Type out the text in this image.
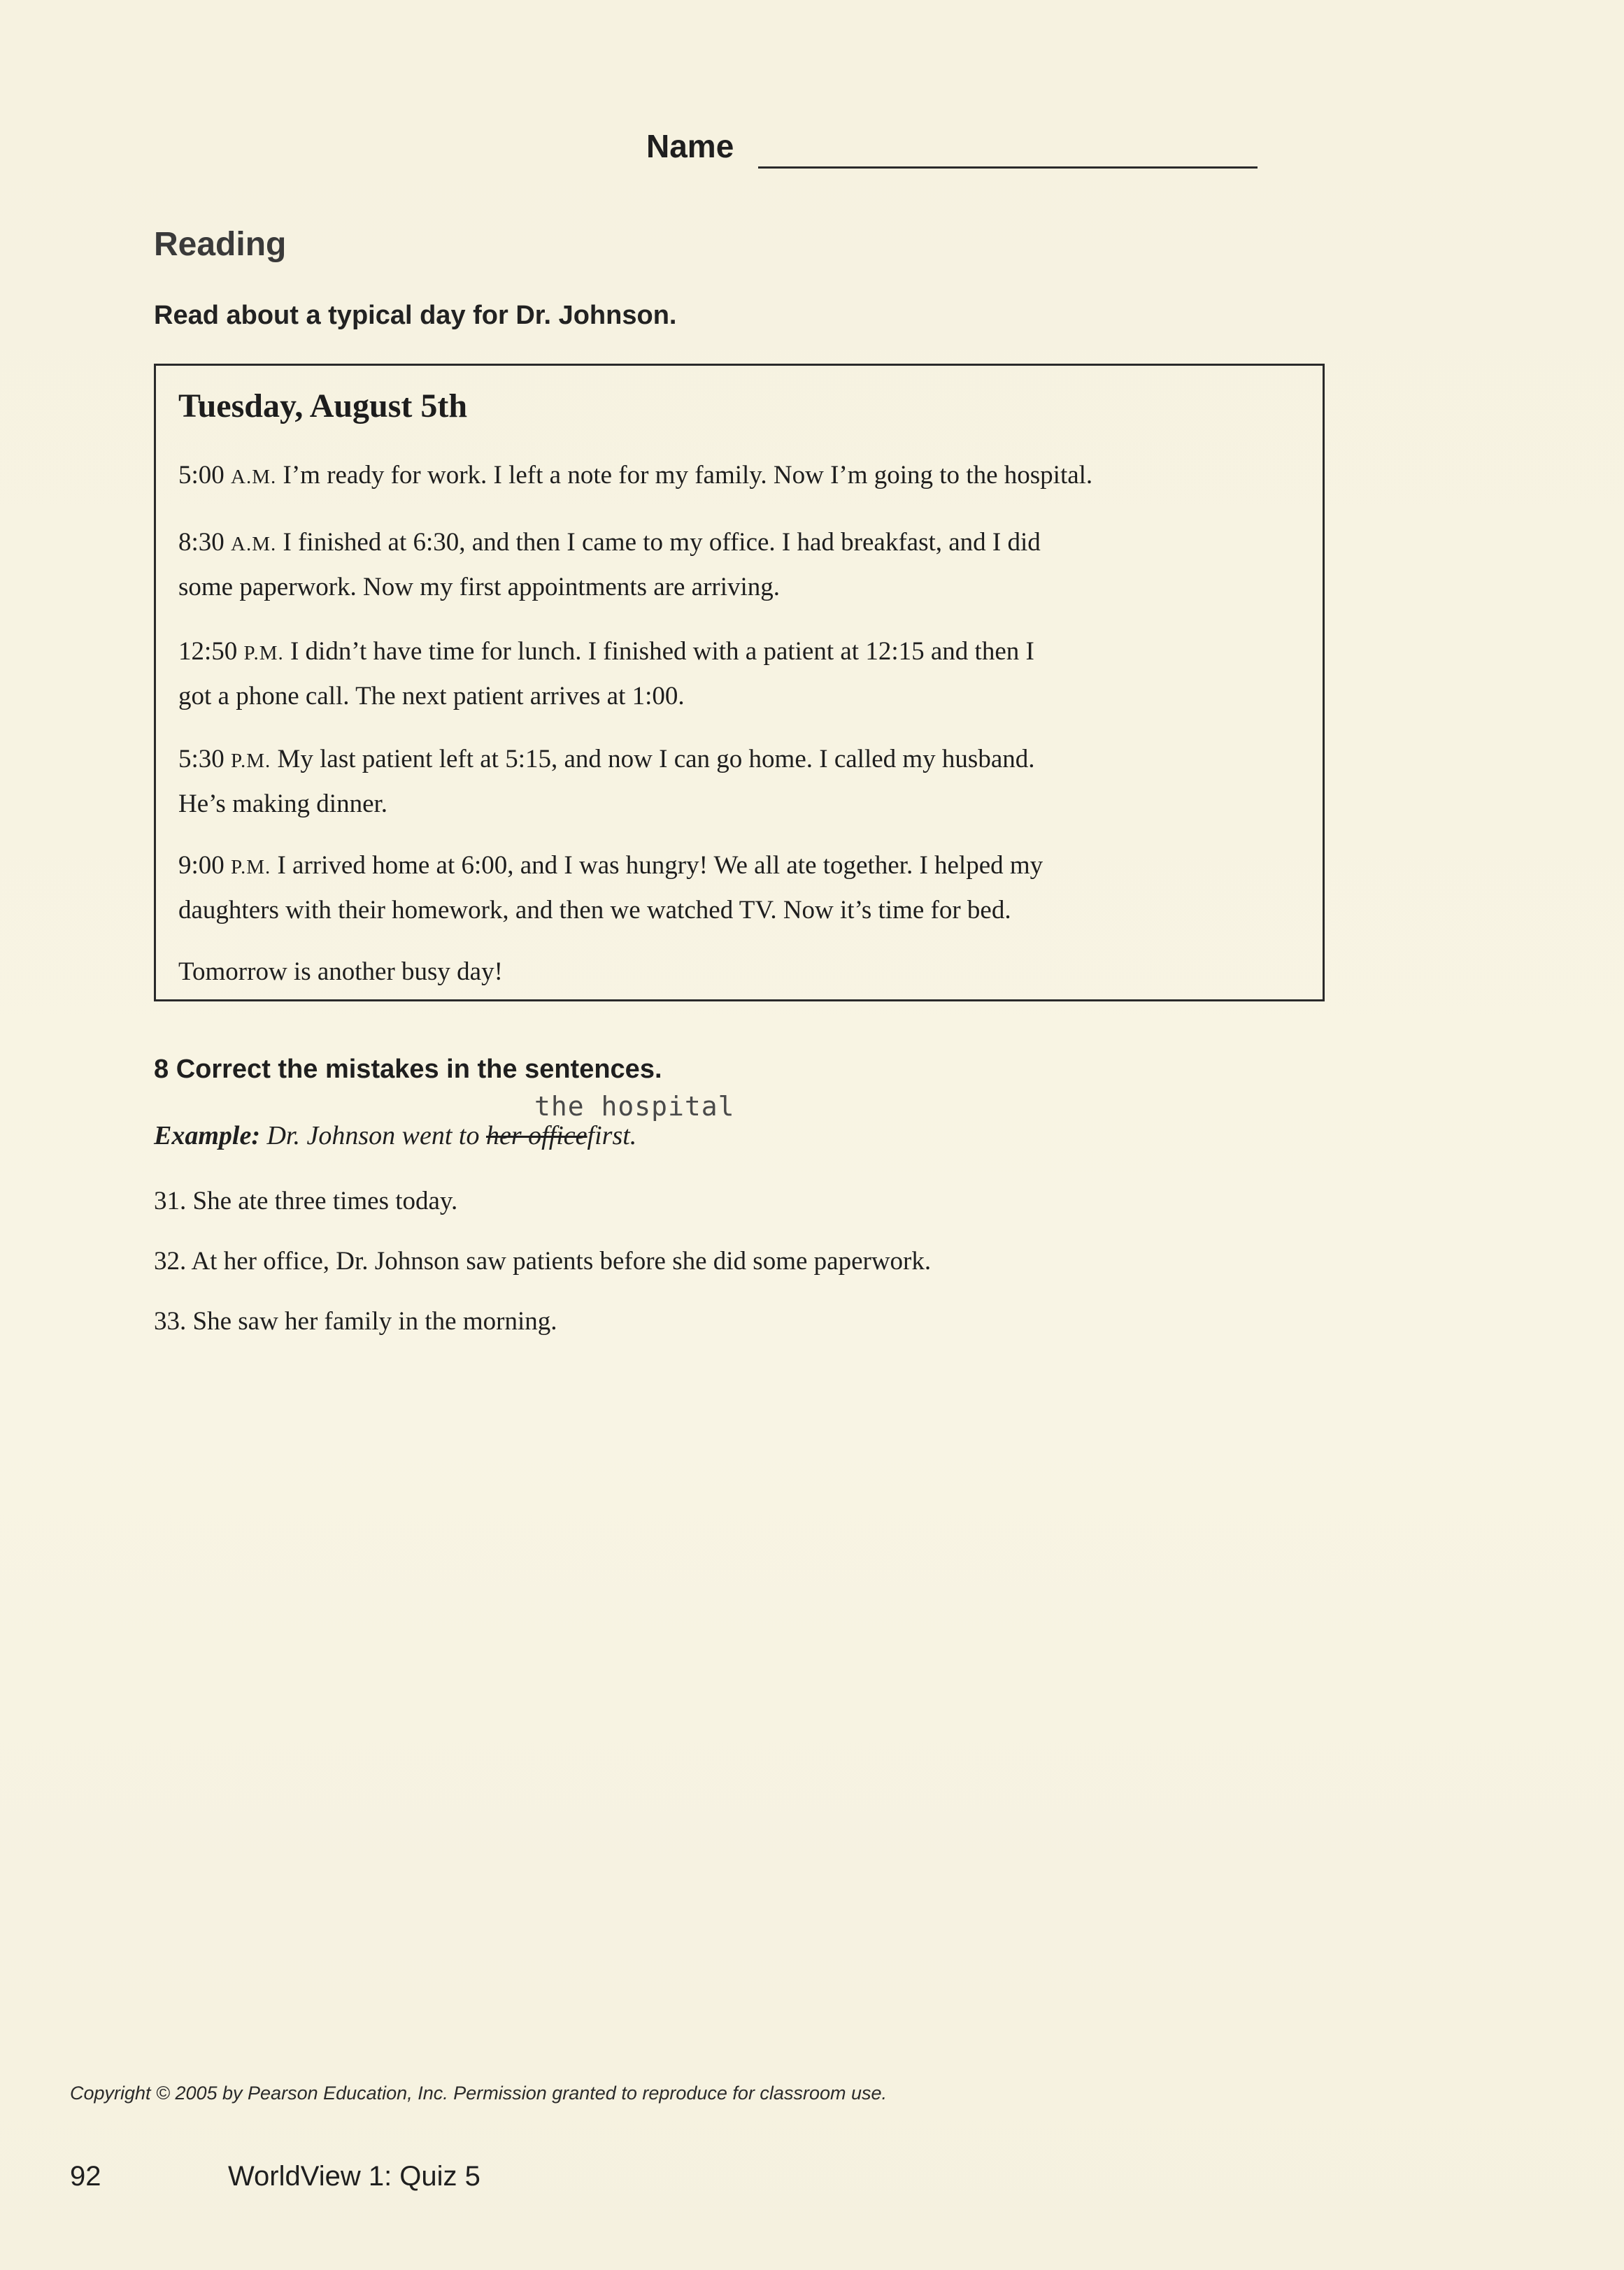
Name
Reading
Read about a typical day for Dr. Johnson.
Tuesday, August 5th
5:00 A.M. I’m ready for work. I left a note for my family. Now I’m going to the hospital.
8:30 A.M. I finished at 6:30, and then I came to my office. I had breakfast, and I did
some paperwork. Now my first appointments are arriving.
12:50 P.M. I didn’t have time for lunch. I finished with a patient at 12:15 and then I
got a phone call. The next patient arrives at 1:00.
5:30 P.M. My last patient left at 5:15, and now I can go home. I called my husband.
He’s making dinner.
9:00 P.M. I arrived home at 6:00, and I was hungry! We all ate together. I helped my
daughters with their homework, and then we watched TV. Now it’s time for bed.
Tomorrow is another busy day!
8 Correct the mistakes in the sentences.
the hospital
Example: Dr. Johnson went to her officefirst.
31. She ate three times today.
32. At her office, Dr. Johnson saw patients before she did some paperwork.
33. She saw her family in the morning.
Copyright © 2005 by Pearson Education, Inc. Permission granted to reproduce for classroom use.
92	WorldView 1: Quiz 5
